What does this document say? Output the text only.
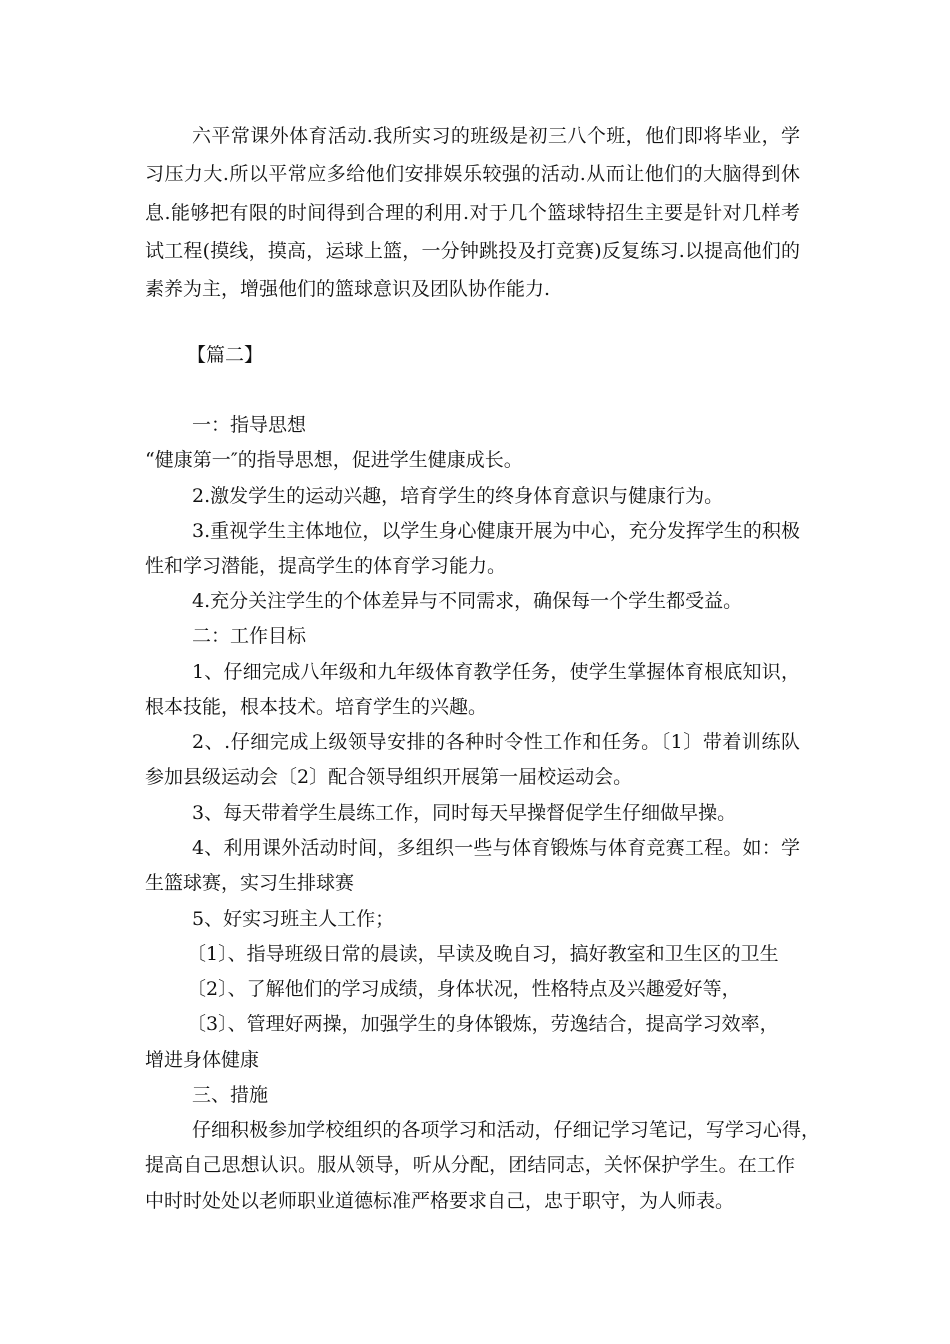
六平常课外体育活动.我所实习的班级是初三八个班，他们即将毕业，学
习压力大.所以平常应多给他们安排娱乐较强的活动.从而让他们的大脑得到休
息.能够把有限的时间得到合理的利用.对于几个篮球特招生主要是针对几样考
试工程(摸线，摸高，运球上篮，一分钟跳投及打竞赛)反复练习.以提高他们的
素养为主，增强他们的篮球意识及团队协作能力.
【篇二】
一：指导思想
“健康第一″的指导思想，促进学生健康成长。
2.激发学生的运动兴趣，培育学生的终身体育意识与健康行为。
3.重视学生主体地位，以学生身心健康开展为中心，充分发挥学生的积极
性和学习潜能，提高学生的体育学习能力。
4.充分关注学生的个体差异与不同需求，确保每一个学生都受益。
二：工作目标
1、仔细完成八年级和九年级体育教学任务，使学生掌握体育根底知识，
根本技能，根本技术。培育学生的兴趣。
2、.仔细完成上级领导安排的各种时令性工作和任务。〔1〕带着训练队
参加县级运动会〔2〕配合领导组织开展第一届校运动会。
3、每天带着学生晨练工作，同时每天早操督促学生仔细做早操。
4、利用课外活动时间，多组织一些与体育锻炼与体育竞赛工程。如：学
生篮球赛，实习生排球赛
5、好实习班主人工作；
〔1〕、指导班级日常的晨读，早读及晚自习，搞好教室和卫生区的卫生
〔2〕、了解他们的学习成绩，身体状况，性格特点及兴趣爱好等，
〔3〕、管理好两操，加强学生的身体锻炼，劳逸结合，提高学习效率，
增进身体健康
三、措施
仔细积极参加学校组织的各项学习和活动，仔细记学习笔记，写学习心得，
提高自己思想认识。服从领导，听从分配，团结同志，关怀保护学生。在工作
中时时处处以老师职业道德标准严格要求自己，忠于职守，为人师表。
